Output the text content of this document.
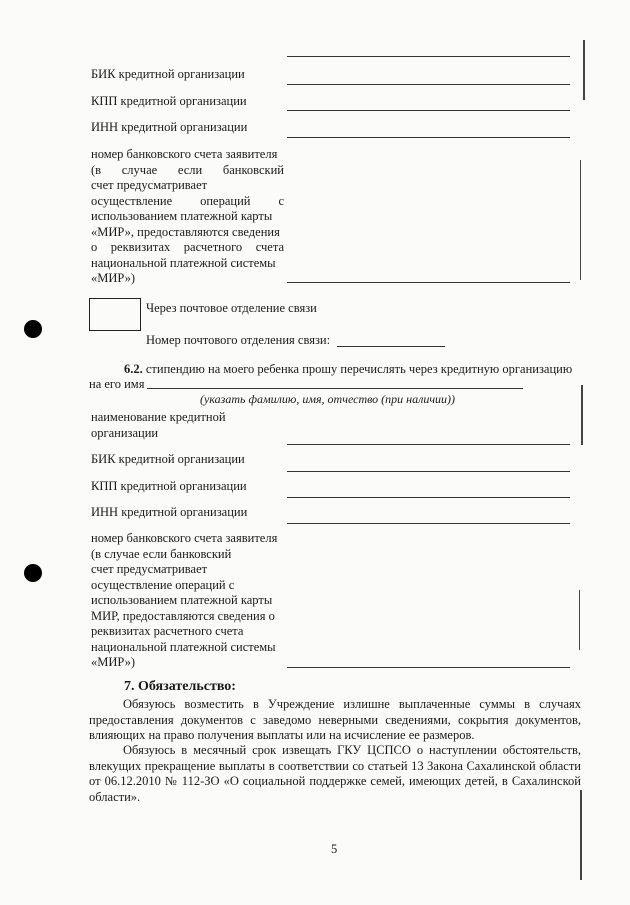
БИК кредитной организации
КПП кредитной организации
ИНН кредитной организации
номер банковского счета заявителя
(в случае если банковский
счет предусматривает
осуществление операций с
использованием платежной карты
«МИР», предоставляются сведения
о реквизитах расчетного счета
национальной платежной системы
«МИР»)
Через почтовое отделение связи
Номер почтового отделения связи:
6.2. стипендию на моего ребенка прошу перечислять через кредитную организацию
на его имя
(указать фамилию, имя, отчество (при наличии))
наименование кредитной
организации
БИК кредитной организации
КПП кредитной организации
ИНН кредитной организации
номер банковского счета заявителя
(в случае если банковский
счет предусматривает
осуществление операций с
использованием платежной карты
МИР, предоставляются сведения о
реквизитах расчетного счета
национальной платежной системы
«МИР»)
7. Обязательство:
Обязуюсь возместить в Учреждение излишне выплаченные суммы в случаях
предоставления документов с заведомо неверными сведениями, сокрытия документов,
влияющих на право получения выплаты или на исчисление ее размеров.
Обязуюсь в месячный срок извещать ГКУ ЦСПСО о наступлении обстоятельств,
влекущих прекращение выплаты в соответствии со статьей 13 Закона Сахалинской области
от 06.12.2010 № 112-ЗО «О социальной поддержке семей, имеющих детей, в Сахалинской
области».
5
